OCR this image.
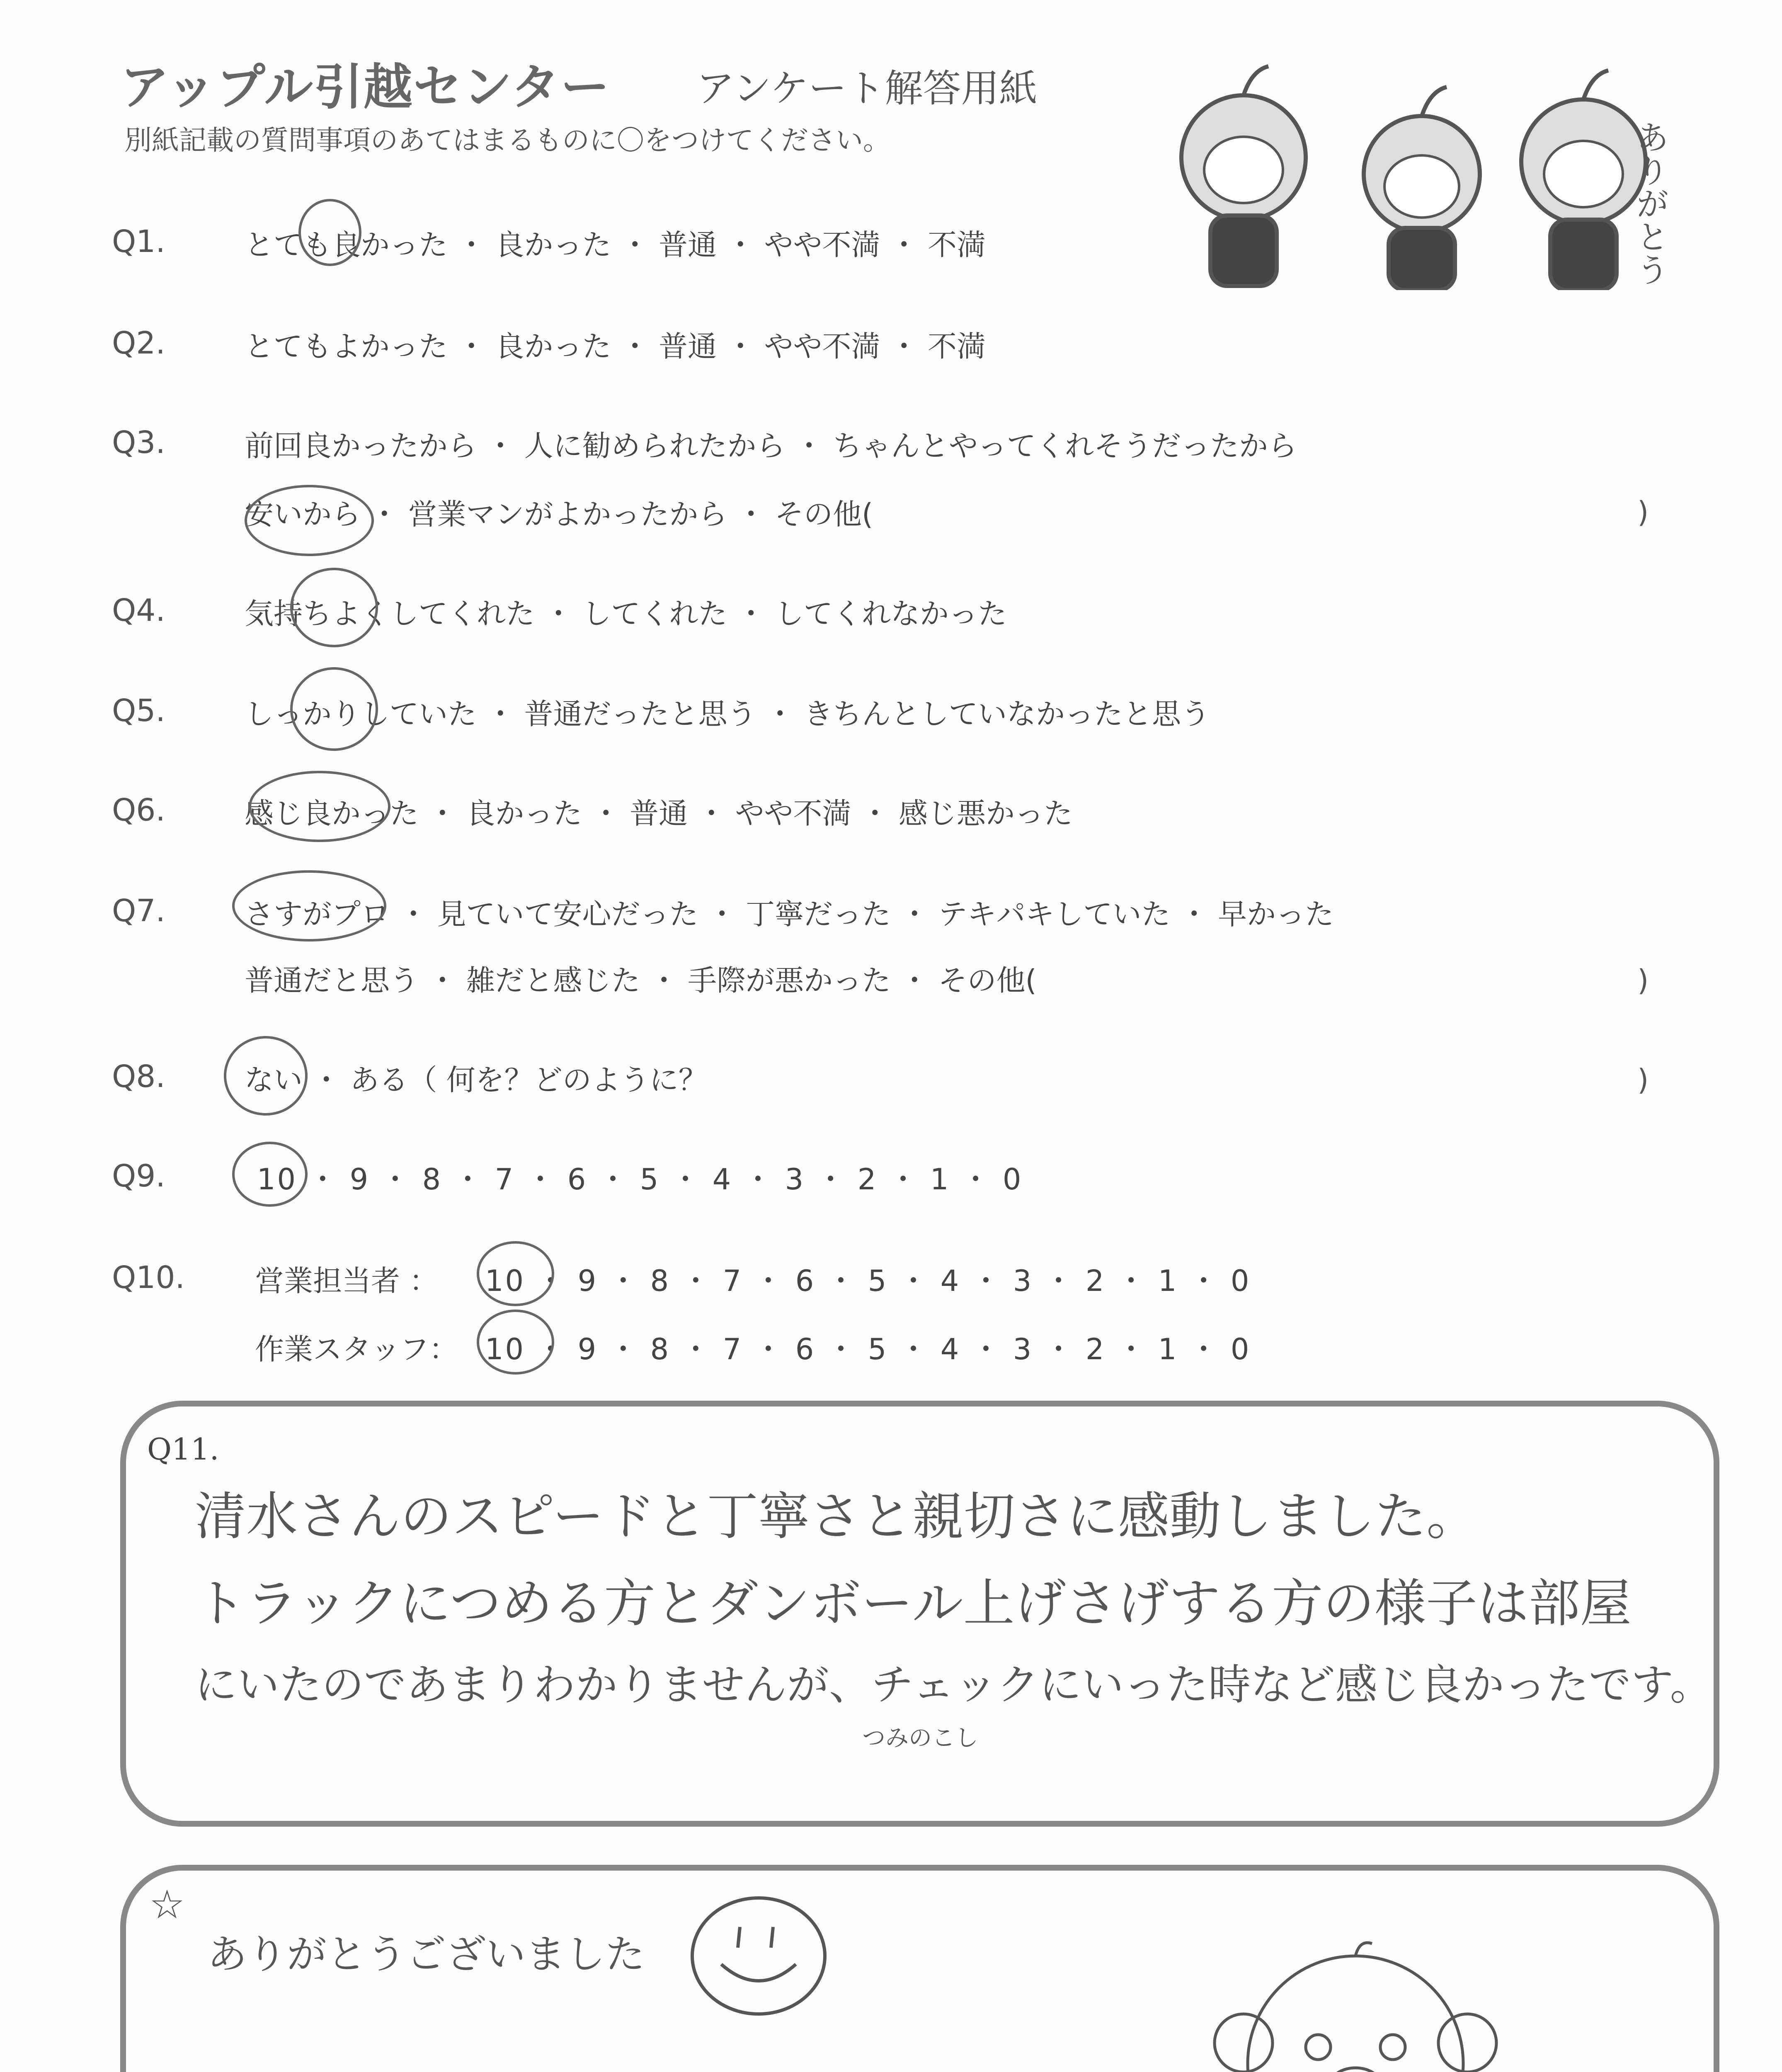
アップル引越センター アンケート解答用紙
別紙記載の質問事項のあてはまるものに〇をつけてください。	ありがとう
Q1.	とても良かった ・ 良かった ・ 普通 ・ やや不満 ・ 不満
Q2.	とてもよかった ・ 良かった ・ 普通 ・ やや不満 ・ 不満
Q3.	前回良かったから ・ 人に勧められたから ・ ちゃんとやってくれそうだったから
安いから ・ 営業マンがよかったから ・ その他(	)
Q4.	気持ちよくしてくれた ・ してくれた ・ してくれなかった
Q5.	しっかりしていた ・ 普通だったと思う ・ きちんとしていなかったと思う
Q6.	感じ良かった ・ 良かった ・ 普通 ・ やや不満 ・ 感じ悪かった
Q7.	さすがプロ ・ 見ていて安心だった ・ 丁寧だった ・ テキパキしていた ・ 早かった
普通だと思う ・ 雑だと感じた ・ 手際が悪かった ・ その他(	)
Q8.	ない ・ ある（ 何を？どのように？	)
Q9.	10 ・ 9 ・ 8 ・ 7 ・ 6 ・ 5 ・ 4 ・ 3 ・ 2 ・ 1 ・ 0
Q10. 営業担当者 ： 10 ・ 9 ・ 8 ・ 7 ・ 6 ・ 5 ・ 4 ・ 3 ・ 2 ・ 1 ・ 0
作業スタッフ： 10 ・ 9 ・ 8 ・ 7 ・ 6 ・ 5 ・ 4 ・ 3 ・ 2 ・ 1 ・ 0
Q11.
清水さんのスピードと丁寧さと親切さに感動しました。
トラックにつめる方とダンボール上げさげする方の様子は部屋
にいたのであまりわかりませんが、チェックにいった時など感じ良かったです。
つみのこし
☆
ありがとうございました
